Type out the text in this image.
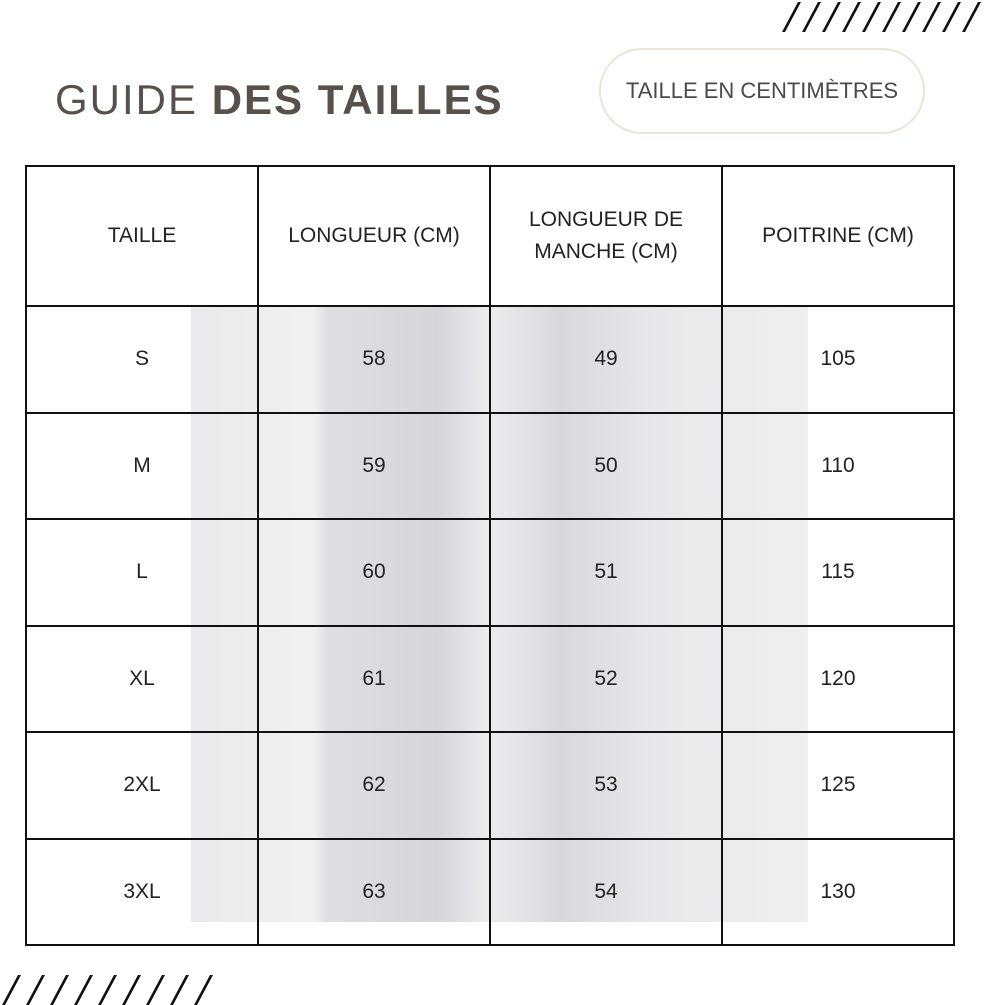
GUIDE DES TAILLES	TAILLE EN CENTIMÈTRES
TAILLE	LONGUEUR (CM)	LONGUEUR DE MANCHE (CM)	POITRINE (CM)
S	58	49	105
M	59	50	110
L	60	51	115
XL	61	52	120
2XL	62	53	125
3XL	63	54	130
